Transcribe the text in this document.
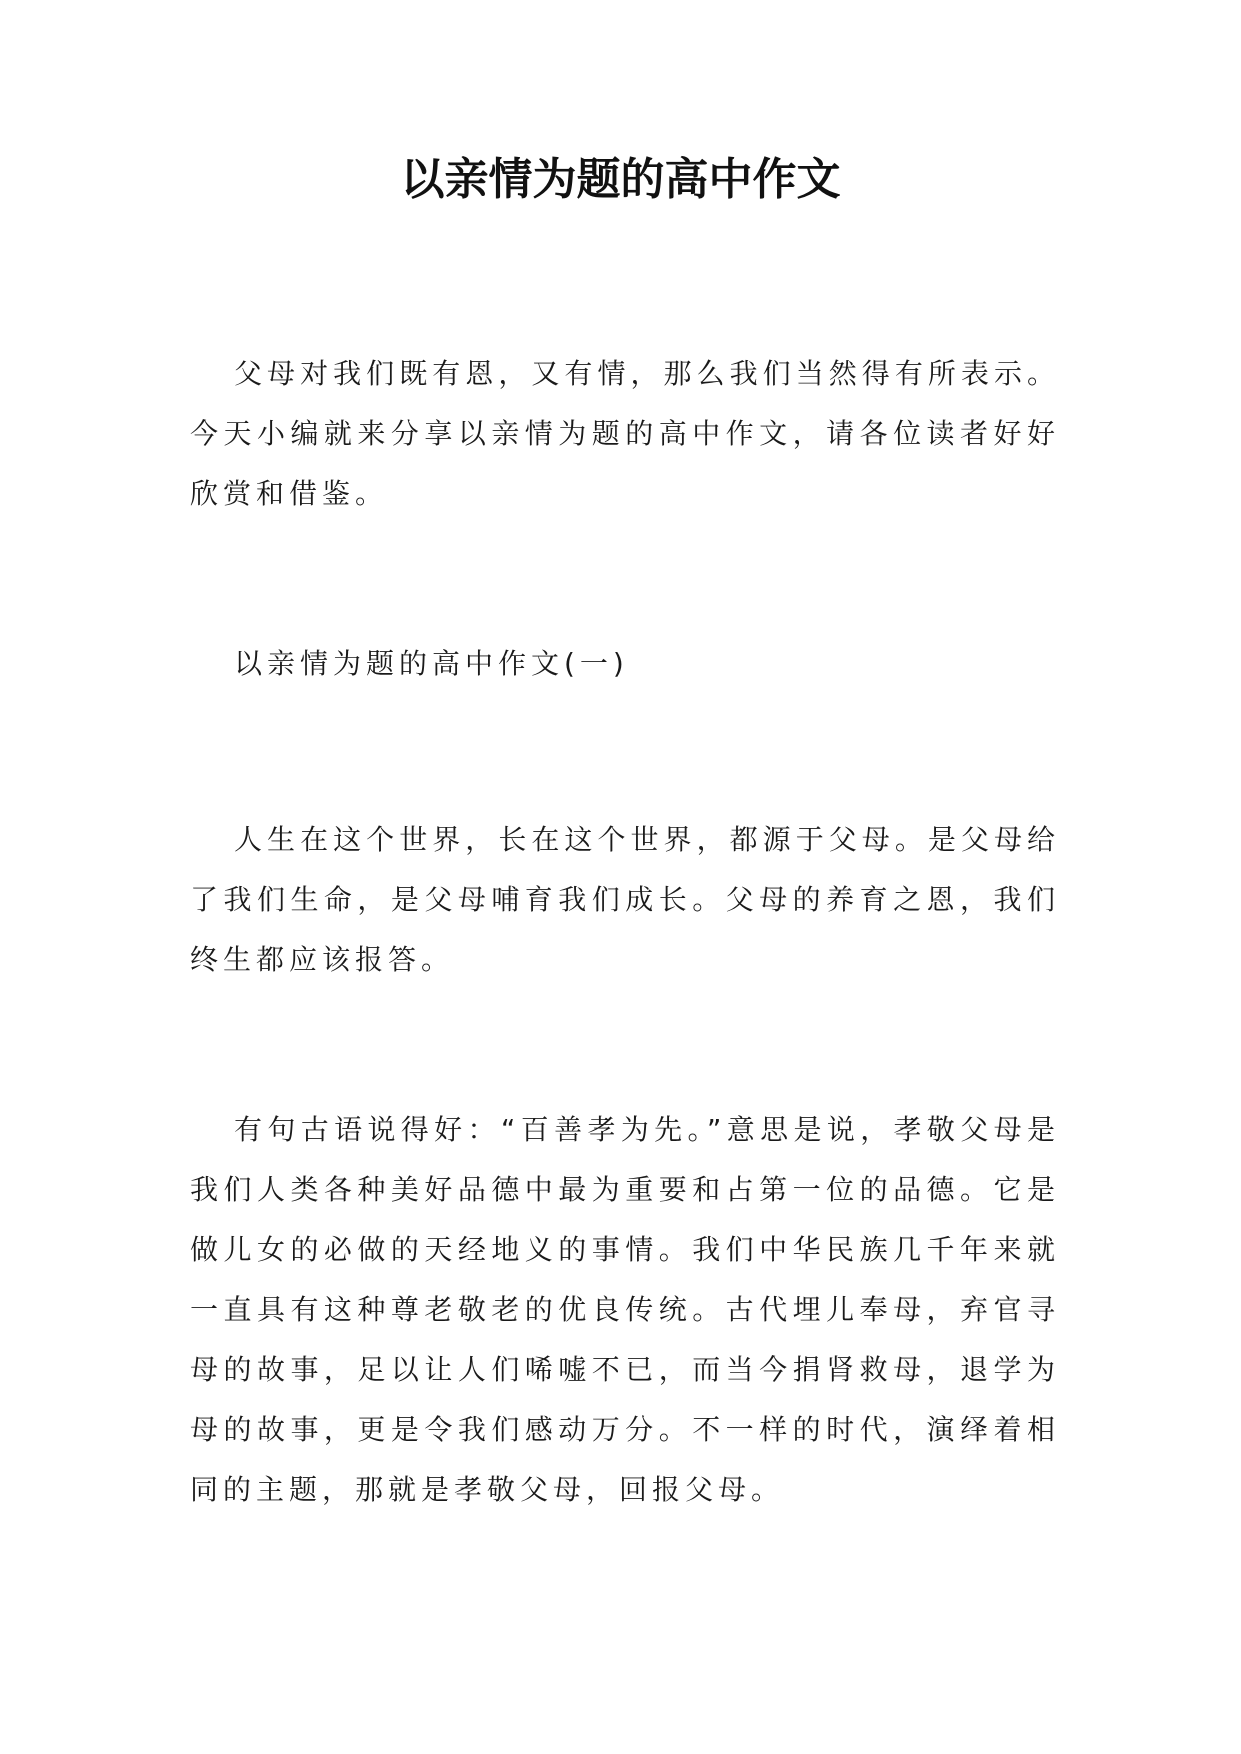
以亲情为题的高中作文

父母对我们既有恩，又有情，那么我们当然得有所表示。今天小编就来分享以亲情为题的高中作文，请各位读者好好欣赏和借鉴。

以亲情为题的高中作文(一)

人生在这个世界，长在这个世界，都源于父母。是父母给了我们生命，是父母哺育我们成长。父母的养育之恩，我们终生都应该报答。

有句古语说得好：“百善孝为先。”意思是说，孝敬父母是我们人类各种美好品德中最为重要和占第一位的品德。它是做儿女的必做的天经地义的事情。我们中华民族几千年来就一直具有这种尊老敬老的优良传统。古代埋儿奉母，弃官寻母的故事，足以让人们唏嘘不已，而当今捐肾救母，退学为母的故事，更是令我们感动万分。不一样的时代，演绎着相同的主题，那就是孝敬父母，回报父母。
